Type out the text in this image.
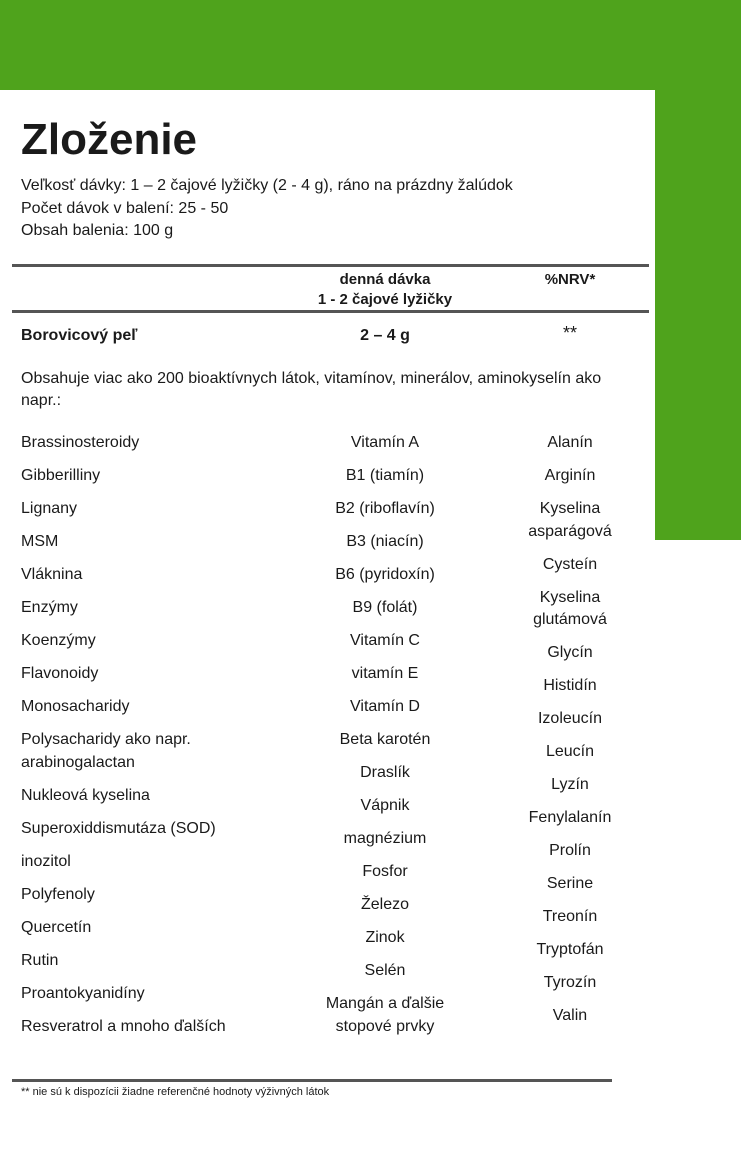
Zloženie
Veľkosť dávky: 1 – 2 čajové lyžičky (2 - 4 g), ráno na prázdny žalúdok
Počet dávok v balení: 25 - 50
Obsah balenia: 100 g
denná dávka
1 - 2 čajové lyžičky
%NRV*
Borovicový peľ	2 – 4 g	**
Obsahuje viac ako 200 bioaktívnych látok, vitamínov, minerálov, aminokyselín ako napr.:
Brassinosteroidy
Gibberilliny
Lignany
MSM
Vláknina
Enzýmy
Koenzýmy
Flavonoidy
Monosacharidy
Polysacharidy ako napr. arabinogalactan
Nukleová kyselina
Superoxiddismutáza (SOD)
inozitol
Polyfenoly
Quercetín
Rutin
Proantokyanidíny
Resveratrol a mnoho ďalších
Vitamín A
B1 (tiamín)
B2 (riboflavín)
B3 (niacín)
B6 (pyridoxín)
B9 (folát)
Vitamín C
vitamín E
Vitamín D
Beta karotén
Draslík
Vápnik
magnézium
Fosfor
Železo
Zinok
Selén
Mangán a ďalšie stopové prvky
Alanín
Arginín
Kyselina asparágová
Cysteín
Kyselina glutámová
Glycín
Histidín
Izoleucín
Leucín
Lyzín
Fenylalanín
Prolín
Serine
Treonín
Tryptofán
Tyrozín
Valin
** nie sú k dispozícii žiadne referenčné hodnoty výživných látok
